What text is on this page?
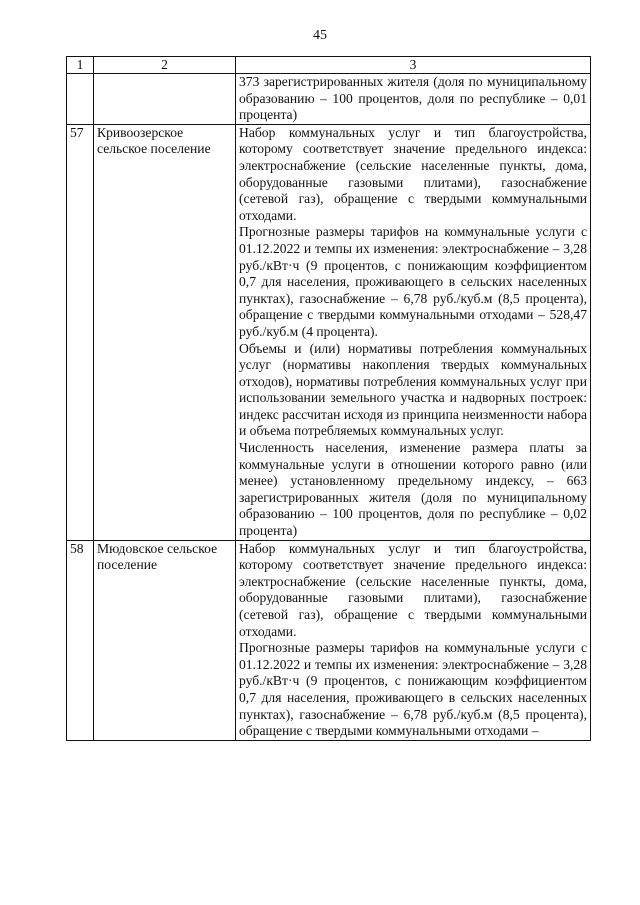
45
1	2	3

		373 зарегистрированных жителя (доля по муниципальному образованию – 100 процентов, доля по республике – 0,01 процента)

57	Кривоозерское сельское поселение	Набор коммунальных услуг и тип благоустройства, которому соответствует значение предельного индекса: электроснабжение (сельские населенные пункты, дома, оборудованные газовыми плитами), газоснабжение (сетевой газ), обращение с твердыми коммунальными отходами.

Прогнозные размеры тарифов на коммунальные услуги с 01.12.2022 и темпы их изменения: электроснабжение – 3,28 руб./кВт·ч (9 процентов, с понижающим коэффициентом 0,7 для населения, проживающего в сельских населенных пунктах), газоснабжение – 6,78 руб./куб.м (8,5 процента), обращение с твердыми коммунальными отходами – 528,47 руб./куб.м (4 процента).

Объемы и (или) нормативы потребления коммунальных услуг (нормативы накопления твердых коммунальных отходов), нормативы потребления коммунальных услуг при использовании земельного участка и надворных построек: индекс рассчитан исходя из принципа неизменности набора и объема потребляемых коммунальных услуг.

Численность населения, изменение размера платы за коммунальные услуги в отношении которого равно (или менее) установленному предельному индексу, – 663 зарегистрированных жителя (доля по муниципальному образованию – 100 процентов, доля по республике – 0,02 процента)

58	Мюдовское сельское поселение	Набор коммунальных услуг и тип благоустройства, которому соответствует значение предельного индекса: электроснабжение (сельские населенные пункты, дома, оборудованные газовыми плитами), газоснабжение (сетевой газ), обращение с твердыми коммунальными отходами.

Прогнозные размеры тарифов на коммунальные услуги с 01.12.2022 и темпы их изменения: электроснабжение – 3,28 руб./кВт·ч (9 процентов, с понижающим коэффициентом 0,7 для населения, проживающего в сельских населенных пунктах), газоснабжение – 6,78 руб./куб.м (8,5 процента), обращение с твердыми коммунальными отходами –
